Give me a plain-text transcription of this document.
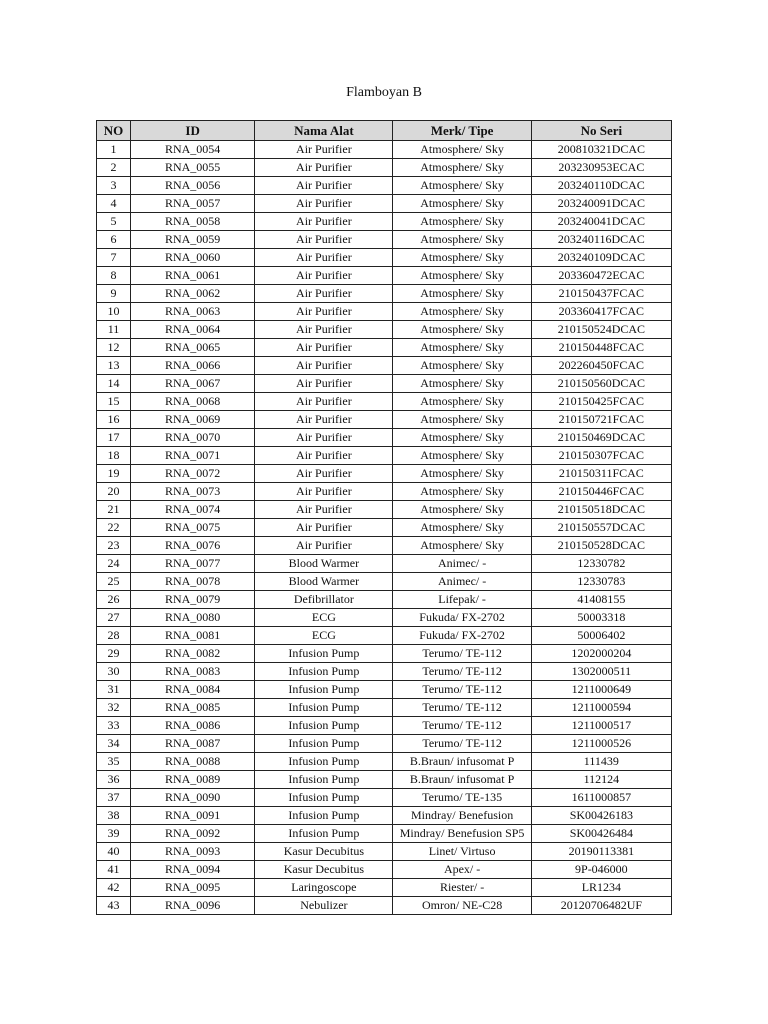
Flamboyan B
NO	ID	Nama Alat	Merk/ Tipe	No Seri
1	RNA_0054	Air Purifier	Atmosphere/ Sky	200810321DCAC
2	RNA_0055	Air Purifier	Atmosphere/ Sky	203230953ECAC
3	RNA_0056	Air Purifier	Atmosphere/ Sky	203240110DCAC
4	RNA_0057	Air Purifier	Atmosphere/ Sky	203240091DCAC
5	RNA_0058	Air Purifier	Atmosphere/ Sky	203240041DCAC
6	RNA_0059	Air Purifier	Atmosphere/ Sky	203240116DCAC
7	RNA_0060	Air Purifier	Atmosphere/ Sky	203240109DCAC
8	RNA_0061	Air Purifier	Atmosphere/ Sky	203360472ECAC
9	RNA_0062	Air Purifier	Atmosphere/ Sky	210150437FCAC
10	RNA_0063	Air Purifier	Atmosphere/ Sky	203360417FCAC
11	RNA_0064	Air Purifier	Atmosphere/ Sky	210150524DCAC
12	RNA_0065	Air Purifier	Atmosphere/ Sky	210150448FCAC
13	RNA_0066	Air Purifier	Atmosphere/ Sky	202260450FCAC
14	RNA_0067	Air Purifier	Atmosphere/ Sky	210150560DCAC
15	RNA_0068	Air Purifier	Atmosphere/ Sky	210150425FCAC
16	RNA_0069	Air Purifier	Atmosphere/ Sky	210150721FCAC
17	RNA_0070	Air Purifier	Atmosphere/ Sky	210150469DCAC
18	RNA_0071	Air Purifier	Atmosphere/ Sky	210150307FCAC
19	RNA_0072	Air Purifier	Atmosphere/ Sky	210150311FCAC
20	RNA_0073	Air Purifier	Atmosphere/ Sky	210150446FCAC
21	RNA_0074	Air Purifier	Atmosphere/ Sky	210150518DCAC
22	RNA_0075	Air Purifier	Atmosphere/ Sky	210150557DCAC
23	RNA_0076	Air Purifier	Atmosphere/ Sky	210150528DCAC
24	RNA_0077	Blood Warmer	Animec/ -	12330782
25	RNA_0078	Blood Warmer	Animec/ -	12330783
26	RNA_0079	Defibrillator	Lifepak/ -	41408155
27	RNA_0080	ECG	Fukuda/ FX-2702	50003318
28	RNA_0081	ECG	Fukuda/ FX-2702	50006402
29	RNA_0082	Infusion Pump	Terumo/ TE-112	1202000204
30	RNA_0083	Infusion Pump	Terumo/ TE-112	1302000511
31	RNA_0084	Infusion Pump	Terumo/ TE-112	1211000649
32	RNA_0085	Infusion Pump	Terumo/ TE-112	1211000594
33	RNA_0086	Infusion Pump	Terumo/ TE-112	1211000517
34	RNA_0087	Infusion Pump	Terumo/ TE-112	1211000526
35	RNA_0088	Infusion Pump	B.Braun/ infusomat P	111439
36	RNA_0089	Infusion Pump	B.Braun/ infusomat P	112124
37	RNA_0090	Infusion Pump	Terumo/ TE-135	1611000857
38	RNA_0091	Infusion Pump	Mindray/ Benefusion	SK00426183
39	RNA_0092	Infusion Pump	Mindray/ Benefusion SP5	SK00426484
40	RNA_0093	Kasur Decubitus	Linet/ Virtuso	20190113381
41	RNA_0094	Kasur Decubitus	Apex/ -	9P-046000
42	RNA_0095	Laringoscope	Riester/ -	LR1234
43	RNA_0096	Nebulizer	Omron/ NE-C28	20120706482UF
